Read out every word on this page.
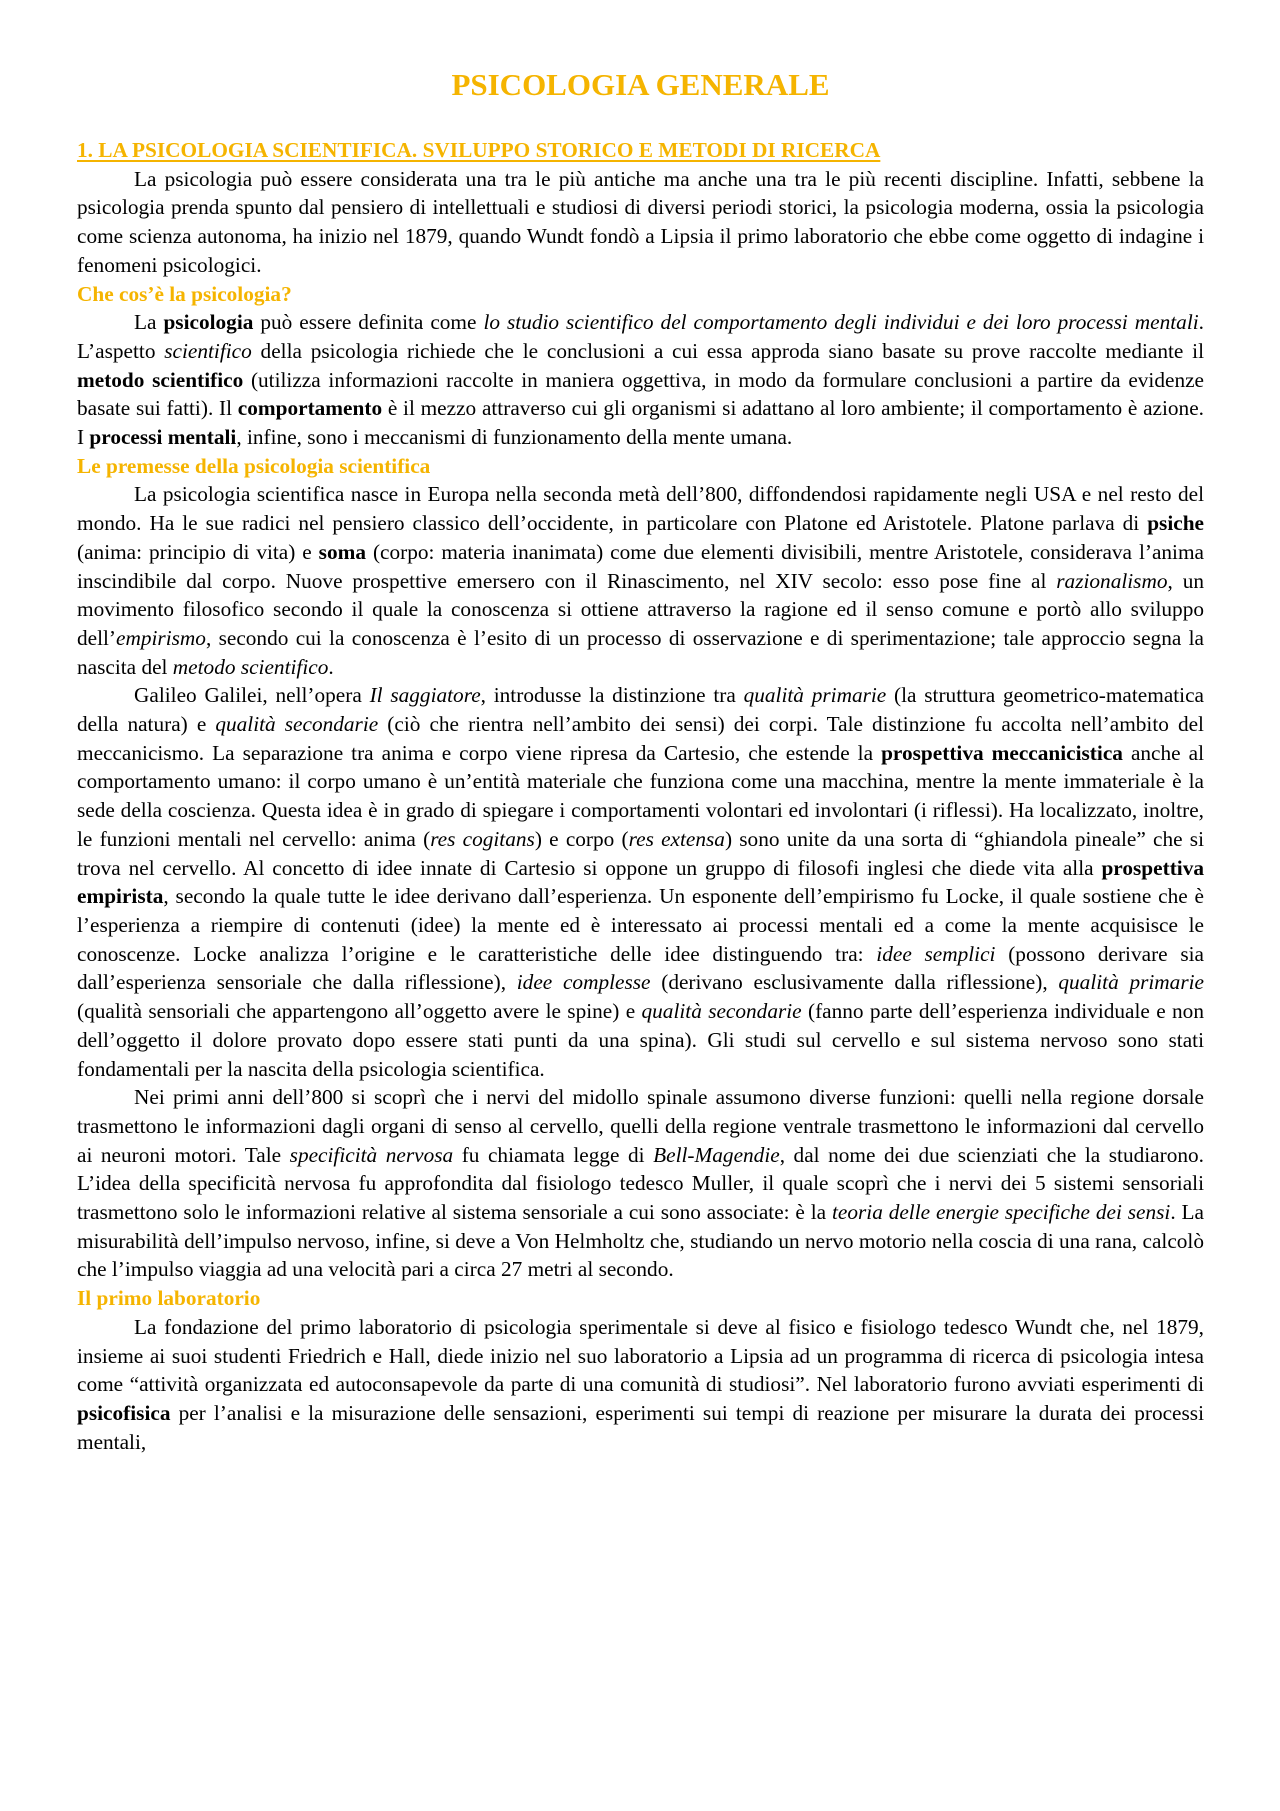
PSICOLOGIA GENERALE
1. LA PSICOLOGIA SCIENTIFICA. SVILUPPO STORICO E METODI DI RICERCA

La psicologia può essere considerata una tra le più antiche ma anche una tra le più recenti discipline. Infatti, sebbene la psicologia prenda spunto dal pensiero di intellettuali e studiosi di diversi periodi storici, la psicologia moderna, ossia la psicologia come scienza autonoma, ha inizio nel 1879, quando Wundt fondò a Lipsia il primo laboratorio che ebbe come oggetto di indagine i fenomeni psicologici.

Che cos’è la psicologia?

La psicologia può essere definita come lo studio scientifico del comportamento degli individui e dei loro processi mentali. L’aspetto scientifico della psicologia richiede che le conclusioni a cui essa approda siano basate su prove raccolte mediante il metodo scientifico (utilizza informazioni raccolte in maniera oggettiva, in modo da formulare conclusioni a partire da evidenze basate sui fatti). Il comportamento è il mezzo attraverso cui gli organismi si adattano al loro ambiente; il comportamento è azione. I processi mentali, infine, sono i meccanismi di funzionamento della mente umana.

Le premesse della psicologia scientifica

La psicologia scientifica nasce in Europa nella seconda metà dell’800, diffondendosi rapidamente negli USA e nel resto del mondo. Ha le sue radici nel pensiero classico dell’occidente, in particolare con Platone ed Aristotele. Platone parlava di psiche (anima: principio di vita) e soma (corpo: materia inanimata) come due elementi divisibili, mentre Aristotele, considerava l’anima inscindibile dal corpo. Nuove prospettive emersero con il Rinascimento, nel XIV secolo: esso pose fine al razionalismo, un movimento filosofico secondo il quale la conoscenza si ottiene attraverso la ragione ed il senso comune e portò allo sviluppo dell’empirismo, secondo cui la conoscenza è l’esito di un processo di osservazione e di sperimentazione; tale approccio segna la nascita del metodo scientifico.

Galileo Galilei, nell’opera Il saggiatore, introdusse la distinzione tra qualità primarie (la struttura geometrico-matematica della natura) e qualità secondarie (ciò che rientra nell’ambito dei sensi) dei corpi. Tale distinzione fu accolta nell’ambito del meccanicismo. La separazione tra anima e corpo viene ripresa da Cartesio, che estende la prospettiva meccanicistica anche al comportamento umano: il corpo umano è un’entità materiale che funziona come una macchina, mentre la mente immateriale è la sede della coscienza. Questa idea è in grado di spiegare i comportamenti volontari ed involontari (i riflessi). Ha localizzato, inoltre, le funzioni mentali nel cervello: anima (res cogitans) e corpo (res extensa) sono unite da una sorta di “ghiandola pineale” che si trova nel cervello. Al concetto di idee innate di Cartesio si oppone un gruppo di filosofi inglesi che diede vita alla prospettiva empirista, secondo la quale tutte le idee derivano dall’esperienza. Un esponente dell’empirismo fu Locke, il quale sostiene che è l’esperienza a riempire di contenuti (idee) la mente ed è interessato ai processi mentali ed a come la mente acquisisce le conoscenze. Locke analizza l’origine e le caratteristiche delle idee distinguendo tra: idee semplici (possono derivare sia dall’esperienza sensoriale che dalla riflessione), idee complesse (derivano esclusivamente dalla riflessione), qualità primarie (qualità sensoriali che appartengono all’oggetto avere le spine) e qualità secondarie (fanno parte dell’esperienza individuale e non dell’oggetto il dolore provato dopo essere stati punti da una spina). Gli studi sul cervello e sul sistema nervoso sono stati fondamentali per la nascita della psicologia scientifica.

Nei primi anni dell’800 si scoprì che i nervi del midollo spinale assumono diverse funzioni: quelli nella regione dorsale trasmettono le informazioni dagli organi di senso al cervello, quelli della regione ventrale trasmettono le informazioni dal cervello ai neuroni motori. Tale specificità nervosa fu chiamata legge di Bell-Magendie, dal nome dei due scienziati che la studiarono. L’idea della specificità nervosa fu approfondita dal fisiologo tedesco Muller, il quale scoprì che i nervi dei 5 sistemi sensoriali trasmettono solo le informazioni relative al sistema sensoriale a cui sono associate: è la teoria delle energie specifiche dei sensi. La misurabilità dell’impulso nervoso, infine, si deve a Von Helmholtz che, studiando un nervo motorio nella coscia di una rana, calcolò che l’impulso viaggia ad una velocità pari a circa 27 metri al secondo.

Il primo laboratorio

La fondazione del primo laboratorio di psicologia sperimentale si deve al fisico e fisiologo tedesco Wundt che, nel 1879, insieme ai suoi studenti Friedrich e Hall, diede inizio nel suo laboratorio a Lipsia ad un programma di ricerca di psicologia intesa come “attività organizzata ed autoconsapevole da parte di una comunità di studiosi”. Nel laboratorio furono avviati esperimenti di psicofisica per l’analisi e la misurazione delle sensazioni, esperimenti sui tempi di reazione per misurare la durata dei processi mentali,
